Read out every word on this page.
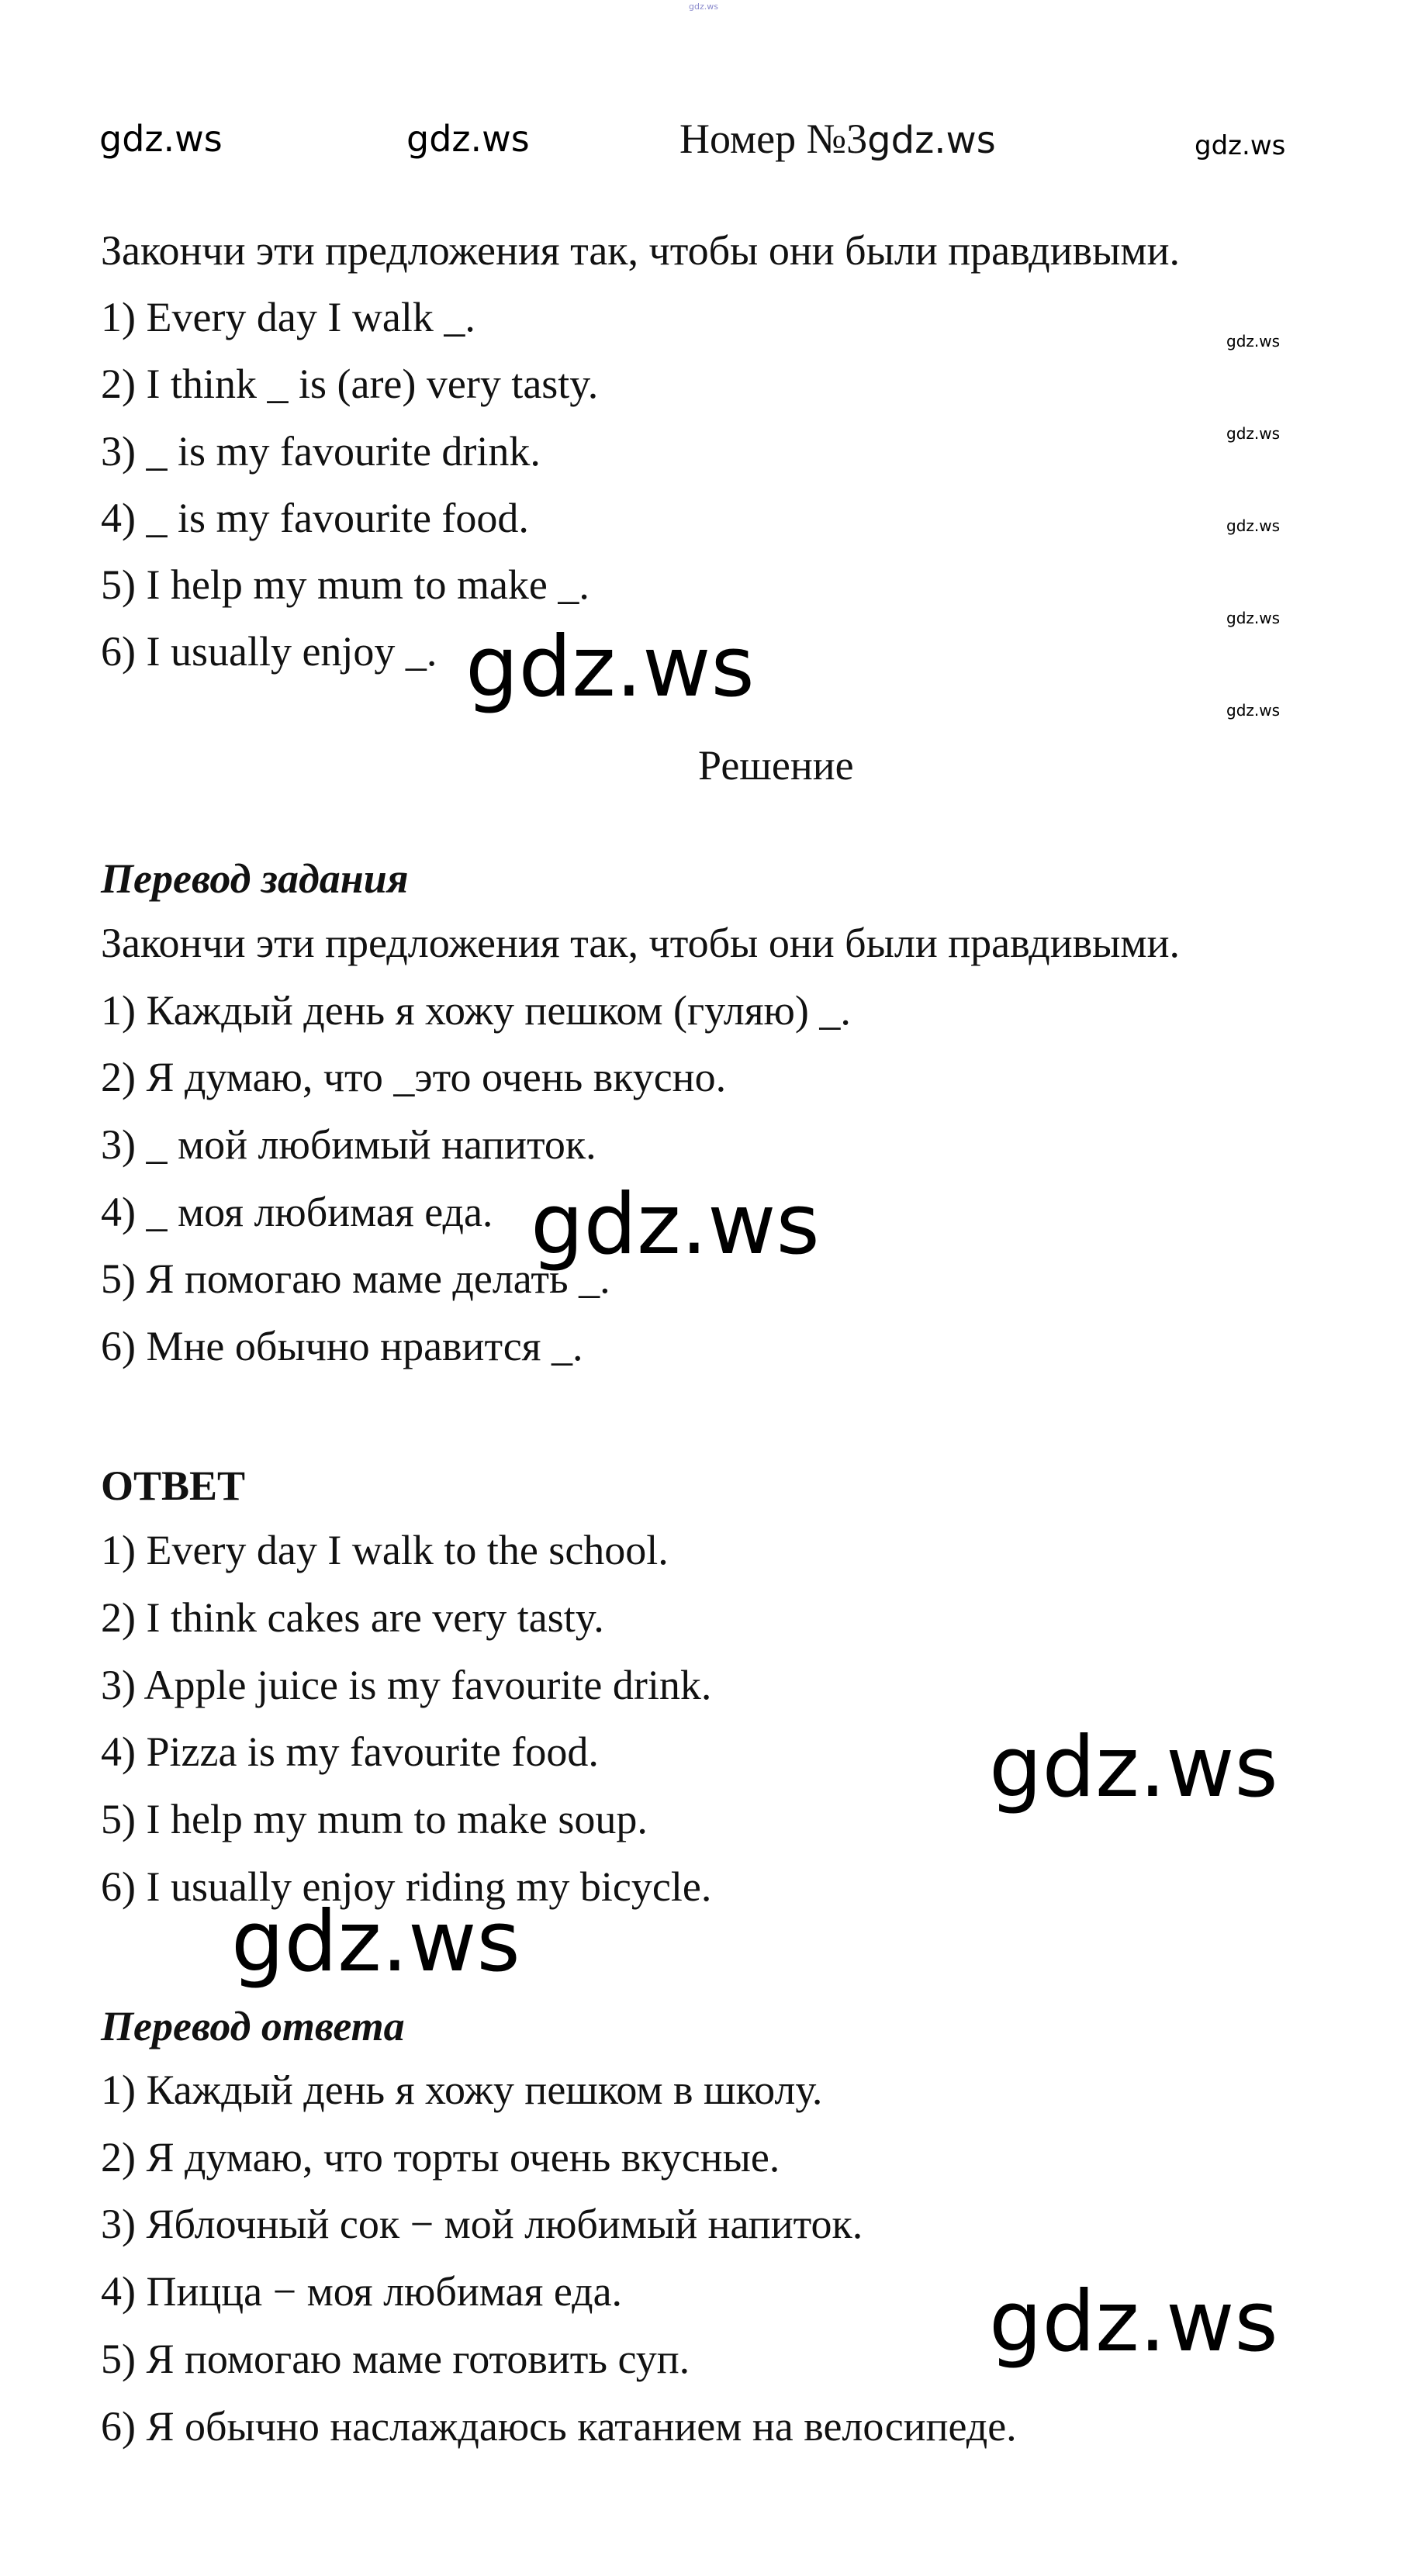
gdz.ws
gdz.ws	gdz.ws	Номер №3gdz.ws	gdz.ws
Закончи эти предложения так, чтобы они были правдивыми.
1) Every day I walk _.
2) I think _ is (are) very tasty.
3) _ is my favourite drink.
4) _ is my favourite food.
5) I help my mum to make _.
6) I usually enjoy _.
gdz.ws
gdz.ws
gdz.ws
gdz.ws
gdz.ws
gdz.ws
Решение
Перевод задания
Закончи эти предложения так, чтобы они были правдивыми.
1) Каждый день я хожу пешком (гуляю) _.
2) Я думаю, что _это очень вкусно.
3) _ мой любимый напиток.
4) _ моя любимая еда.
5) Я помогаю маме делать _.
6) Мне обычно нравится _.
gdz.ws
ОТВЕТ
1) Every day I walk to the school.
2) I think cakes are very tasty.
3) Apple juice is my favourite drink.
4) Pizza is my favourite food.
5) I help my mum to make soup.
6) I usually enjoy riding my bicycle.
gdz.ws
gdz.ws
Перевод ответа
1) Каждый день я хожу пешком в школу.
2) Я думаю, что торты очень вкусные.
3) Яблочный сок − мой любимый напиток.
4) Пицца − моя любимая еда.
5) Я помогаю маме готовить суп.
6) Я обычно наслаждаюсь катанием на велосипеде.
gdz.ws
